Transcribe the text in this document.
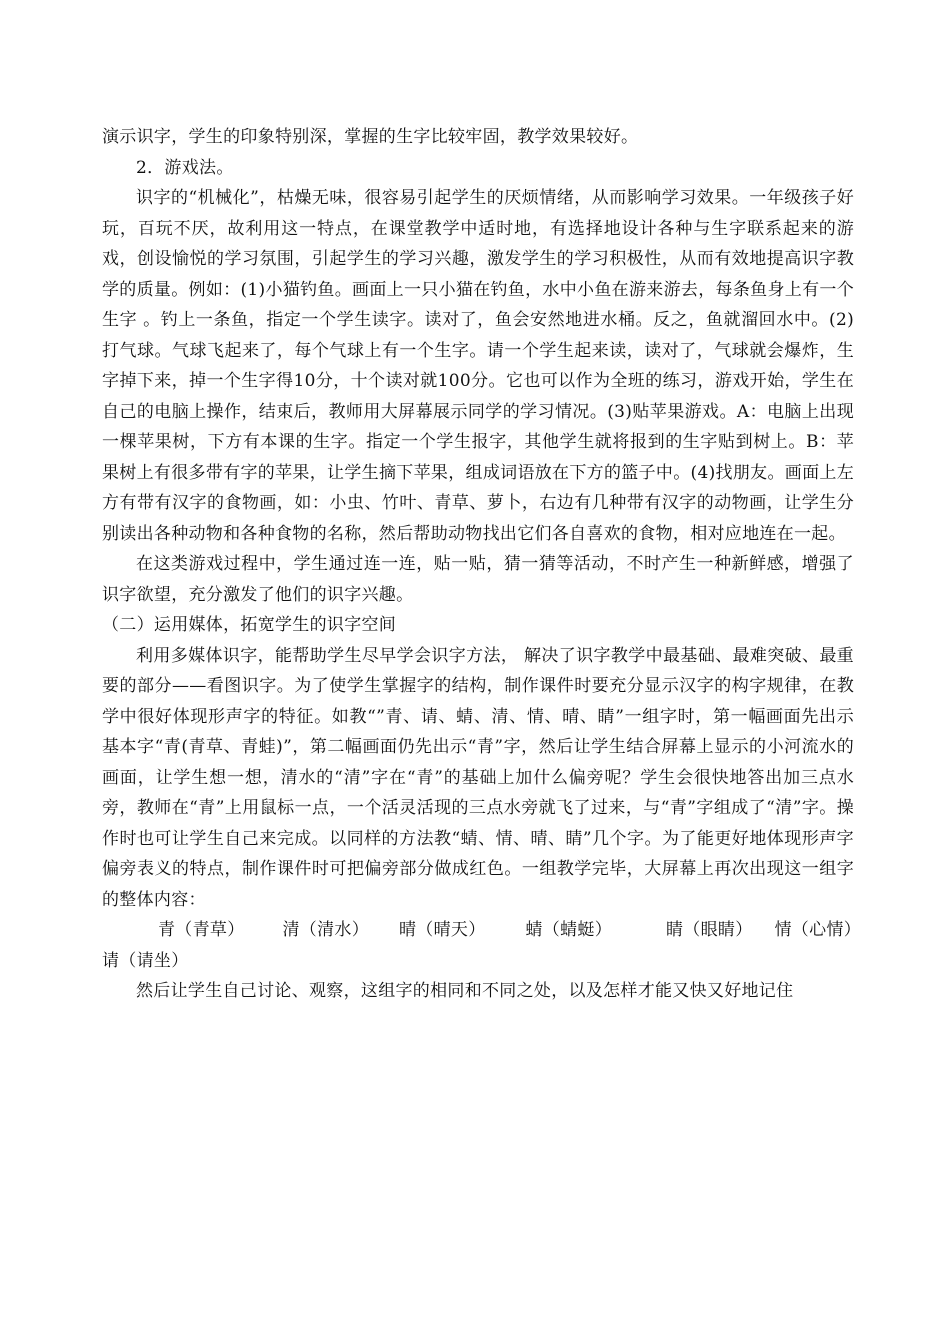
演示识字，学生的印象特别深，掌握的生字比较牢固，教学效果较好。

2．游戏法。

识字的“机械化”，枯燥无味，很容易引起学生的厌烦情绪，从而影响学习效果。一年级孩子好玩，百玩不厌，故利用这一特点，在课堂教学中适时地，有选择地设计各种与生字联系起来的游戏，创设愉悦的学习氛围，引起学生的学习兴趣，激发学生的学习积极性，从而有效地提高识字教学的质量。例如：(1)小猫钓鱼。画面上一只小猫在钓鱼，水中小鱼在游来游去，每条鱼身上有一个生字 。钓上一条鱼，指定一个学生读字。读对了，鱼会安然地进水桶。反之，鱼就溜回水中。(2)打气球。气球飞起来了，每个气球上有一个生字。请一个学生起来读，读对了，气球就会爆炸，生字掉下来，掉一个生字得10分，十个读对就100分。它也可以作为全班的练习，游戏开始，学生在自己的电脑上操作，结束后，教师用大屏幕展示同学的学习情况。(3)贴苹果游戏。A：电脑上出现一棵苹果树，下方有本课的生字。指定一个学生报字，其他学生就将报到的生字贴到树上。B：苹果树上有很多带有字的苹果，让学生摘下苹果，组成词语放在下方的篮子中。(4)找朋友。画面上左方有带有汉字的食物画，如：小虫、竹叶、青草、萝卜，右边有几种带有汉字的动物画，让学生分别读出各种动物和各种食物的名称，然后帮助动物找出它们各自喜欢的食物，相对应地连在一起。

在这类游戏过程中，学生通过连一连，贴一贴，猜一猜等活动，不时产生一种新鲜感，增强了识字欲望，充分激发了他们的识字兴趣。

（二）运用媒体，拓宽学生的识字空间

利用多媒体识字，能帮助学生尽早学会识字方法， 解决了识字教学中最基础、最难突破、最重要的部分——看图识字。为了使学生掌握字的结构，制作课件时要充分显示汉字的构字规律，在教学中很好体现形声字的特征。如教“”青、请、蜻、清、情、晴、睛”一组字时，第一幅画面先出示基本字“青(青草、青蛙)”，第二幅画面仍先出示“青”字，然后让学生结合屏幕上显示的小河流水的画面，让学生想一想，清水的“清”字在“青”的基础上加什么偏旁呢？学生会很快地答出加三点水旁，教师在“青”上用鼠标一点，一个活灵活现的三点水旁就飞了过来，与“青”字组成了“清”字。操作时也可让学生自己来完成。以同样的方法教“蜻、情、晴、睛”几个字。为了能更好地体现形声字偏旁表义的特点，制作课件时可把偏旁部分做成红色。一组教学完毕，大屏幕上再次出现这一组字的整体内容：

青（青草） 清（清水） 晴（晴天） 蜻（蜻蜓）	睛（眼睛） 情（心情）

请（请坐）

然后让学生自己讨论、观察，这组字的相同和不同之处，以及怎样才能又快又好地记住
